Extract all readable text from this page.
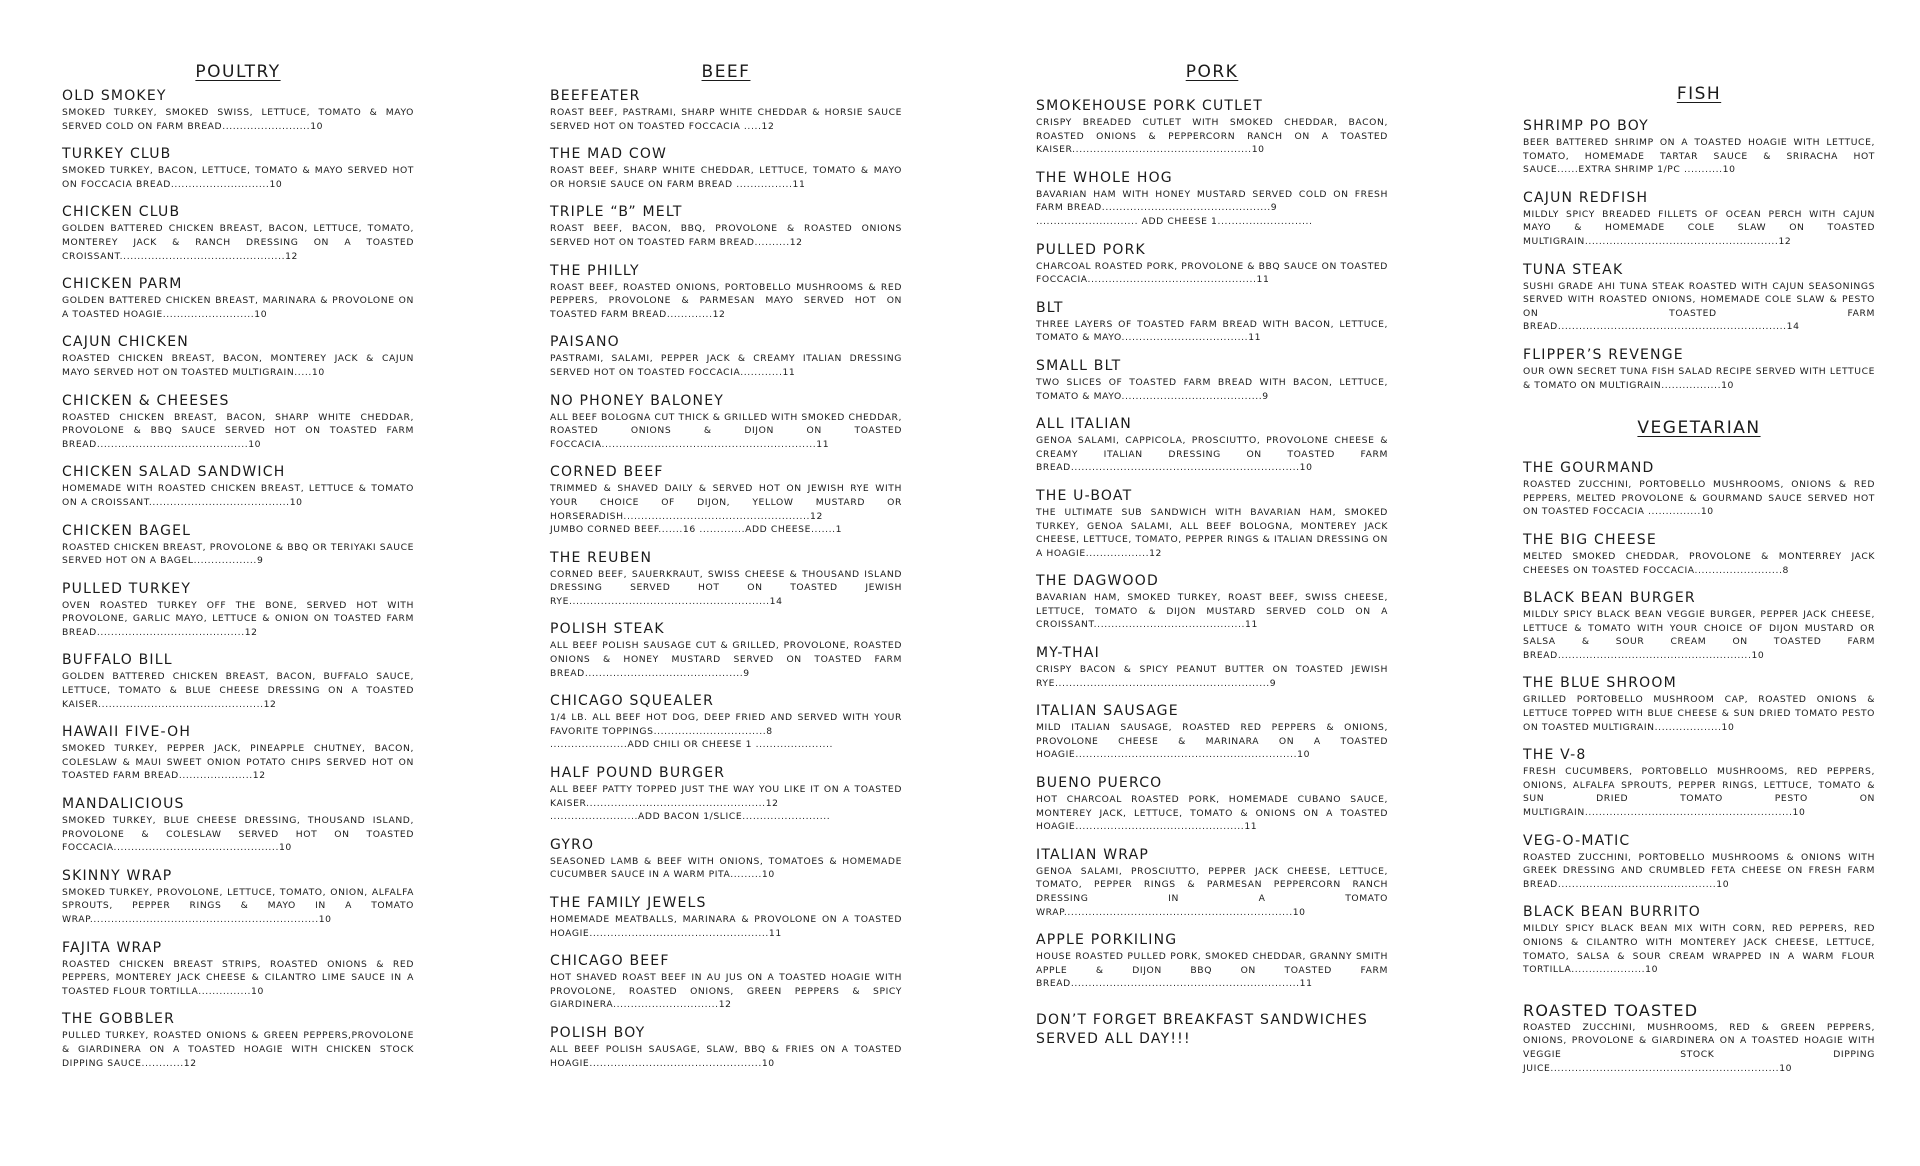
POULTRY
OLD SMOKEY
SMOKED TURKEY, SMOKED SWISS, LETTUCE, TOMATO & MAYO SERVED COLD ON FARM BREAD.........................10
TURKEY CLUB
SMOKED TURKEY, BACON, LETTUCE, TOMATO & MAYO SERVED HOT ON FOCCACIA BREAD............................10
CHICKEN CLUB
GOLDEN BATTERED CHICKEN BREAST, BACON, LETTUCE, TOMATO, MONTEREY JACK & RANCH DRESSING ON A TOASTED CROISSANT...............................................12
CHICKEN PARM
GOLDEN BATTERED CHICKEN BREAST, MARINARA & PROVOLONE ON A TOASTED HOAGIE..........................10
CAJUN CHICKEN
ROASTED CHICKEN BREAST, BACON, MONTEREY JACK & CAJUN MAYO SERVED HOT ON TOASTED MULTIGRAIN.....10
CHICKEN & CHEESES
ROASTED CHICKEN BREAST, BACON, SHARP WHITE CHEDDAR, PROVOLONE & BBQ SAUCE SERVED HOT ON TOASTED FARM BREAD...........................................10
CHICKEN SALAD SANDWICH
HOMEMADE WITH ROASTED CHICKEN BREAST, LETTUCE & TOMATO ON A CROISSANT........................................10
CHICKEN BAGEL
ROASTED CHICKEN BREAST, PROVOLONE & BBQ OR TERIYAKI SAUCE SERVED HOT ON A BAGEL..................9
PULLED TURKEY
OVEN ROASTED TURKEY OFF THE BONE, SERVED HOT WITH PROVOLONE, GARLIC MAYO, LETTUCE & ONION ON TOASTED FARM BREAD..........................................12
BUFFALO BILL
GOLDEN BATTERED CHICKEN BREAST, BACON, BUFFALO SAUCE, LETTUCE, TOMATO & BLUE CHEESE DRESSING ON A TOASTED KAISER...............................................12
HAWAII FIVE-OH
SMOKED TURKEY, PEPPER JACK, PINEAPPLE CHUTNEY, BACON, COLESLAW & MAUI SWEET ONION POTATO CHIPS SERVED HOT ON TOASTED FARM BREAD.....................12
MANDALICIOUS
SMOKED TURKEY, BLUE CHEESE DRESSING, THOUSAND ISLAND, PROVOLONE & COLESLAW SERVED HOT ON TOASTED FOCCACIA...............................................10
SKINNY WRAP
SMOKED TURKEY, PROVOLONE, LETTUCE, TOMATO, ONION, ALFALFA SPROUTS, PEPPER RINGS & MAYO IN A TOMATO WRAP.................................................................10
FAJITA WRAP
ROASTED CHICKEN BREAST STRIPS, ROASTED ONIONS & RED PEPPERS, MONTEREY JACK CHEESE & CILANTRO LIME SAUCE IN A TOASTED FLOUR TORTILLA...............10
THE GOBBLER
PULLED TURKEY, ROASTED ONIONS & GREEN PEPPERS,PROVOLONE & GIARDINERA ON A TOASTED HOAGIE WITH CHICKEN STOCK DIPPING SAUCE............12
BEEF
BEEFEATER
ROAST BEEF, PASTRAMI, SHARP WHITE CHEDDAR & HORSIE SAUCE SERVED HOT ON TOASTED FOCCACIA .....12
THE MAD COW
ROAST BEEF, SHARP WHITE CHEDDAR, LETTUCE, TOMATO & MAYO OR HORSIE SAUCE ON FARM BREAD ................11
TRIPLE “B” MELT
ROAST BEEF, BACON, BBQ, PROVOLONE & ROASTED ONIONS SERVED HOT ON TOASTED FARM BREAD..........12
THE PHILLY
ROAST BEEF, ROASTED ONIONS, PORTOBELLO MUSHROOMS & RED PEPPERS, PROVOLONE & PARMESAN MAYO SERVED HOT ON TOASTED FARM BREAD.............12
PAISANO
PASTRAMI, SALAMI, PEPPER JACK & CREAMY ITALIAN DRESSING SERVED HOT ON TOASTED FOCCACIA............11
NO PHONEY BALONEY
ALL BEEF BOLOGNA CUT THICK & GRILLED WITH SMOKED CHEDDAR, ROASTED ONIONS & DIJON ON TOASTED FOCCACIA.............................................................11
CORNED BEEF
TRIMMED & SHAVED DAILY & SERVED HOT ON JEWISH RYE WITH YOUR CHOICE OF DIJON, YELLOW MUSTARD OR HORSERADISH.....................................................12
JUMBO CORNED BEEF.......16 .............ADD CHEESE.......1
THE REUBEN
CORNED BEEF, SAUERKRAUT, SWISS CHEESE & THOUSAND ISLAND DRESSING SERVED HOT ON TOASTED JEWISH RYE.........................................................14
POLISH STEAK
ALL BEEF POLISH SAUSAGE CUT & GRILLED, PROVOLONE, ROASTED ONIONS & HONEY MUSTARD SERVED ON TOASTED FARM BREAD.............................................9
CHICAGO SQUEALER
1/4 LB. ALL BEEF HOT DOG, DEEP FRIED AND SERVED WITH YOUR FAVORITE TOPPINGS................................8
......................ADD CHILI OR CHEESE 1 ......................
HALF POUND BURGER
ALL BEEF PATTY TOPPED JUST THE WAY YOU LIKE IT ON A TOASTED KAISER...................................................12
.........................ADD BACON 1/SLICE.........................
GYRO
SEASONED LAMB & BEEF WITH ONIONS, TOMATOES & HOMEMADE CUCUMBER SAUCE IN A WARM PITA.........10
THE FAMILY JEWELS
HOMEMADE MEATBALLS, MARINARA & PROVOLONE ON A TOASTED HOAGIE...................................................11
CHICAGO BEEF
HOT SHAVED ROAST BEEF IN AU JUS ON A TOASTED HOAGIE WITH PROVOLONE, ROASTED ONIONS, GREEN PEPPERS & SPICY GIARDINERA..............................12
POLISH BOY
ALL BEEF POLISH SAUSAGE, SLAW, BBQ & FRIES ON A TOASTED HOAGIE.................................................10
PORK
SMOKEHOUSE PORK CUTLET
CRISPY BREADED CUTLET WITH SMOKED CHEDDAR, BACON, ROASTED ONIONS & PEPPERCORN RANCH ON A TOASTED KAISER...................................................10
THE WHOLE HOG
BAVARIAN HAM WITH HONEY MUSTARD SERVED COLD ON FRESH FARM BREAD................................................9
............................. ADD CHEESE 1...........................
PULLED PORK
CHARCOAL ROASTED PORK, PROVOLONE & BBQ SAUCE ON TOASTED FOCCACIA................................................11
BLT
THREE LAYERS OF TOASTED FARM BREAD WITH BACON, LETTUCE, TOMATO & MAYO....................................11
SMALL BLT
TWO SLICES OF TOASTED FARM BREAD WITH BACON, LETTUCE, TOMATO & MAYO........................................9
ALL ITALIAN
GENOA SALAMI, CAPPICOLA, PROSCIUTTO, PROVOLONE CHEESE & CREAMY ITALIAN DRESSING ON TOASTED FARM BREAD.................................................................10
THE U-BOAT
THE ULTIMATE SUB SANDWICH WITH BAVARIAN HAM, SMOKED TURKEY, GENOA SALAMI, ALL BEEF BOLOGNA, MONTEREY JACK CHEESE, LETTUCE, TOMATO, PEPPER RINGS & ITALIAN DRESSING ON A HOAGIE..................12
THE DAGWOOD
BAVARIAN HAM, SMOKED TURKEY, ROAST BEEF, SWISS CHEESE, LETTUCE, TOMATO & DIJON MUSTARD SERVED COLD ON A CROISSANT...........................................11
MY-THAI
CRISPY BACON & SPICY PEANUT BUTTER ON TOASTED JEWISH RYE.............................................................9
ITALIAN SAUSAGE
MILD ITALIAN SAUSAGE, ROASTED RED PEPPERS & ONIONS, PROVOLONE CHEESE & MARINARA ON A TOASTED HOAGIE...............................................................10
BUENO PUERCO
HOT CHARCOAL ROASTED PORK, HOMEMADE CUBANO SAUCE, MONTEREY JACK, LETTUCE, TOMATO & ONIONS ON A TOASTED HOAGIE................................................11
ITALIAN WRAP
GENOA SALAMI, PROSCIUTTO, PEPPER JACK CHEESE, LETTUCE, TOMATO, PEPPER RINGS & PARMESAN PEPPERCORN RANCH DRESSING IN A TOMATO WRAP.................................................................10
APPLE PORKILING
HOUSE ROASTED PULLED PORK, SMOKED CHEDDAR, GRANNY SMITH APPLE & DIJON BBQ ON TOASTED FARM BREAD.................................................................11
DON’T FORGET BREAKFAST SANDWICHES
SERVED ALL DAY!!!
FISH
SHRIMP PO BOY
BEER BATTERED SHRIMP ON A TOASTED HOAGIE WITH LETTUCE, TOMATO, HOMEMADE TARTAR SAUCE & SRIRACHA HOT SAUCE......EXTRA SHRIMP 1/PC ...........10
CAJUN REDFISH
MILDLY SPICY BREADED FILLETS OF OCEAN PERCH WITH CAJUN MAYO & HOMEMADE COLE SLAW ON TOASTED MULTIGRAIN.......................................................12
TUNA STEAK
SUSHI GRADE AHI TUNA STEAK ROASTED WITH CAJUN SEASONINGS SERVED WITH ROASTED ONIONS, HOMEMADE COLE SLAW & PESTO ON TOASTED FARM BREAD.................................................................14
FLIPPER’S REVENGE
OUR OWN SECRET TUNA FISH SALAD RECIPE SERVED WITH LETTUCE & TOMATO ON MULTIGRAIN.................10
VEGETARIAN
THE GOURMAND
ROASTED ZUCCHINI, PORTOBELLO MUSHROOMS, ONIONS & RED PEPPERS, MELTED PROVOLONE & GOURMAND SAUCE SERVED HOT ON TOASTED FOCCACIA ...............10
THE BIG CHEESE
MELTED SMOKED CHEDDAR, PROVOLONE & MONTERREY JACK CHEESES ON TOASTED FOCCACIA.........................8
BLACK BEAN BURGER
MILDLY SPICY BLACK BEAN VEGGIE BURGER, PEPPER JACK CHEESE, LETTUCE & TOMATO WITH YOUR CHOICE OF DIJON MUSTARD OR SALSA & SOUR CREAM ON TOASTED FARM BREAD.......................................................10
THE BLUE SHROOM
GRILLED PORTOBELLO MUSHROOM CAP, ROASTED ONIONS & LETTUCE TOPPED WITH BLUE CHEESE & SUN DRIED TOMATO PESTO ON TOASTED MULTIGRAIN...................10
THE V-8
FRESH CUCUMBERS, PORTOBELLO MUSHROOMS, RED PEPPERS, ONIONS, ALFALFA SPROUTS, PEPPER RINGS, LETTUCE, TOMATO & SUN DRIED TOMATO PESTO ON MULTIGRAIN...........................................................10
VEG-O-MATIC
ROASTED ZUCCHINI, PORTOBELLO MUSHROOMS & ONIONS WITH GREEK DRESSING AND CRUMBLED FETA CHEESE ON FRESH FARM BREAD.............................................10
BLACK BEAN BURRITO
MILDLY SPICY BLACK BEAN MIX WITH CORN, RED PEPPERS, RED ONIONS & CILANTRO WITH MONTEREY JACK CHEESE, LETTUCE, TOMATO, SALSA & SOUR CREAM WRAPPED IN A WARM FLOUR TORTILLA.....................10
ROASTED TOASTED
ROASTED ZUCCHINI, MUSHROOMS, RED & GREEN PEPPERS, ONIONS, PROVOLONE & GIARDINERA ON A TOASTED HOAGIE WITH VEGGIE STOCK DIPPING JUICE.................................................................10
